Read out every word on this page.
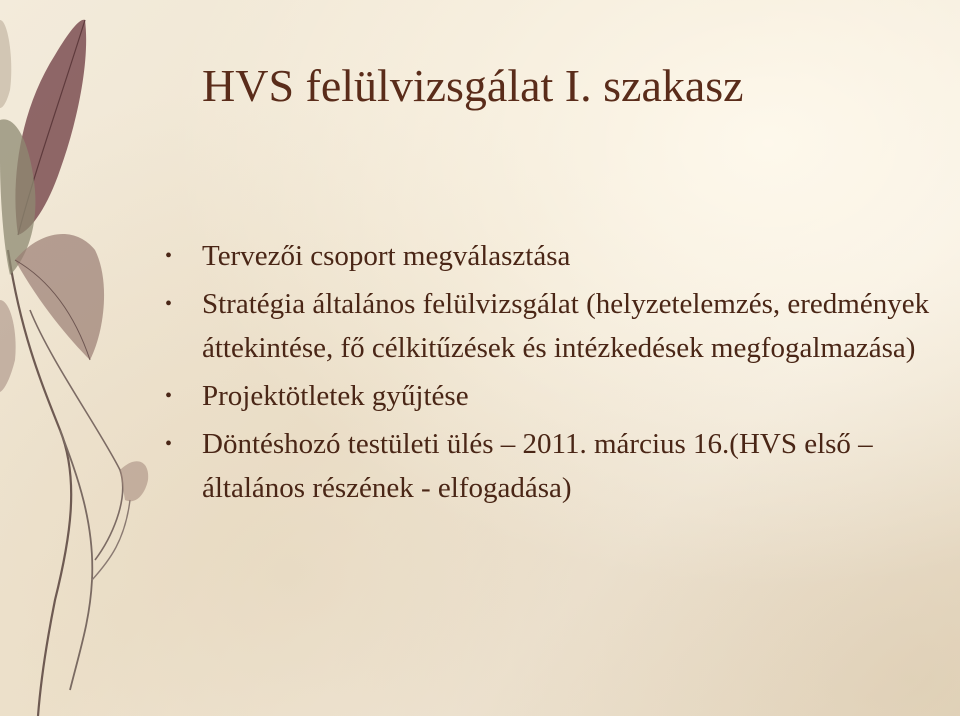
HVS felülvizsgálat I. szakasz
• Tervezői csoport megválasztása
• Stratégia általános felülvizsgálat (helyzetelemzés, eredmények áttekintése, fő célkitűzések és intézkedések megfogalmazása)
• Projektötletek gyűjtése
• Döntéshozó testületi ülés – 2011. március 16.(HVS első – általános részének - elfogadása)
